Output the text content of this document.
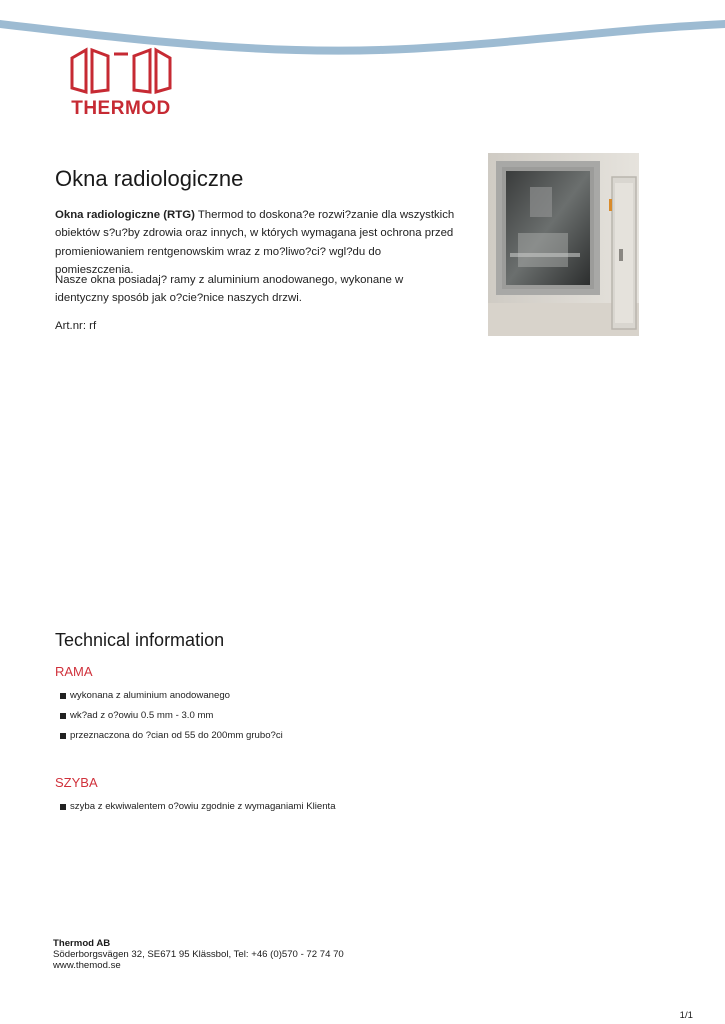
THERMOD
Okna radiologiczne

Okna radiologiczne (RTG) Thermod to doskona?e rozwi?zanie dla wszystkich obiektów s?u?by zdrowia oraz innych, w których wymagana jest ochrona przed promieniowaniem rentgenowskim wraz z mo?liwo?ci? wgl?du do pomieszczenia.

Nasze okna posiadaj? ramy z aluminium anodowanego, wykonane w identyczny sposób jak o?cie?nice naszych drzwi.

Art.nr: rf

Technical information
RAMA
wykonana z aluminium anodowanego
wk?ad z o?owiu 0.5 mm - 3.0 mm
przeznaczona do ?cian od 55 do 200mm grubo?ci
SZYBA
szyba z ekwiwalentem o?owiu zgodnie z wymaganiami Klienta
Thermod AB
Söderborgsvägen 32, SE671 95 Klässbol, Tel: +46 (0)570 - 72 74 70
www.themod.se
1/1
